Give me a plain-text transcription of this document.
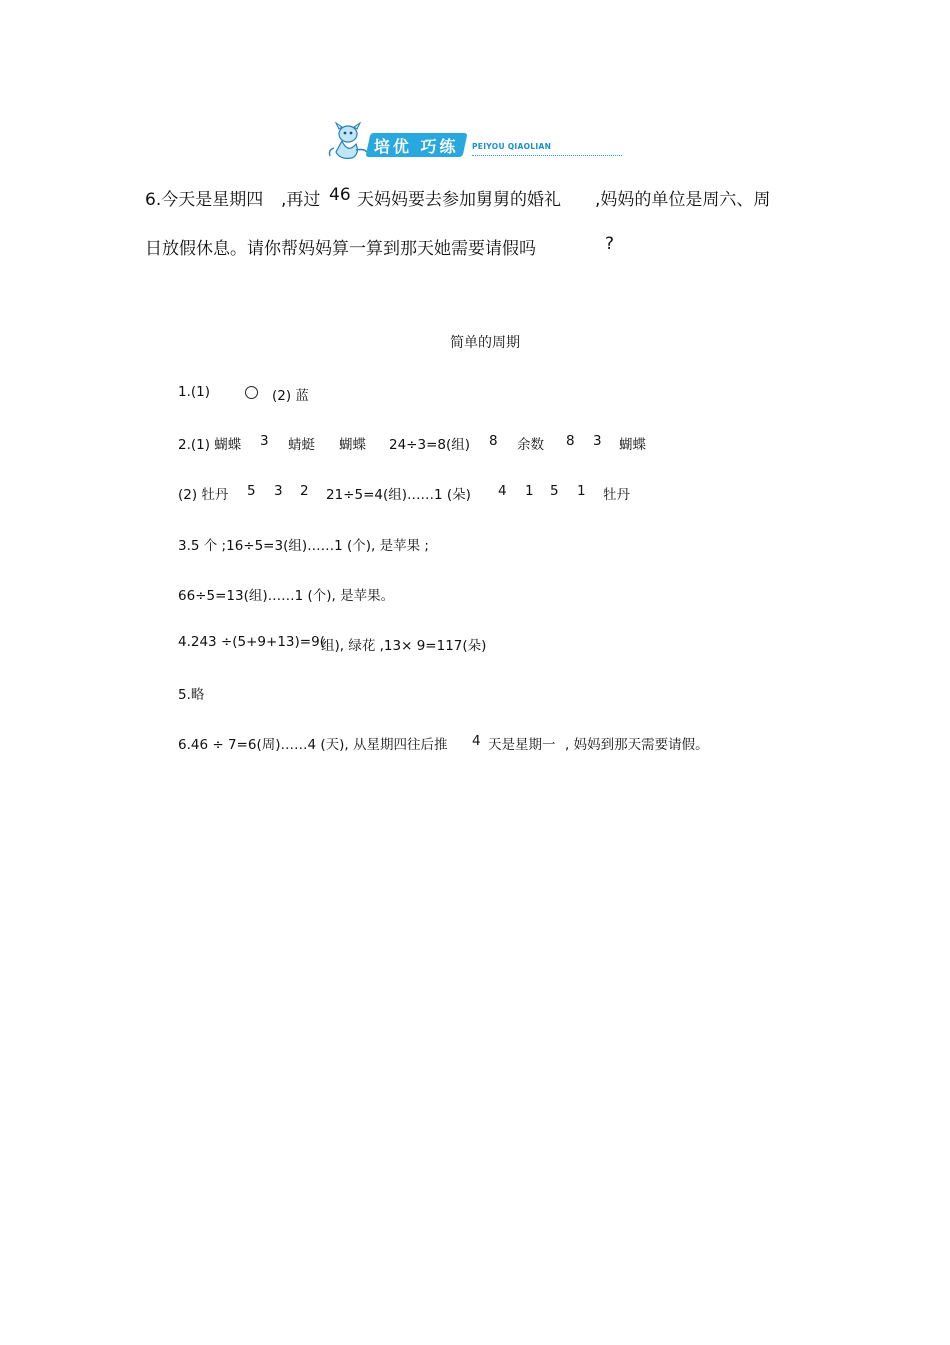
培优 巧练 PEIYOU QIAOLIAN
6.今天是星期四 ,再过 46 天妈妈要去参加舅舅的婚礼 ,妈妈的单位是周六、周
日放假休息。请你帮妈妈算一算到那天她需要请假吗	?
简单的周期
1.(1)	(2) 蓝
2.(1) 蝴蝶 3 蜻蜓 蝴蝶 24÷3=8(组) 8 余数 8 3 蝴蝶
(2) 牡丹 5 3 2 21÷5=4(组)……1 (朵) 4 1 5 1 牡丹
3.5 个 ;16÷5=3(组)……1 (个), 是苹果 ;
66÷5=13(组)……1 (个), 是苹果。
4.243 ÷(5+9+13)=9(
组), 绿花 ,13× 9=117(朵)
5.略
6.46 ÷ 7=6(周)……4 (天), 从星期四往后推 4 天是星期一 , 妈妈到那天需要请假。
